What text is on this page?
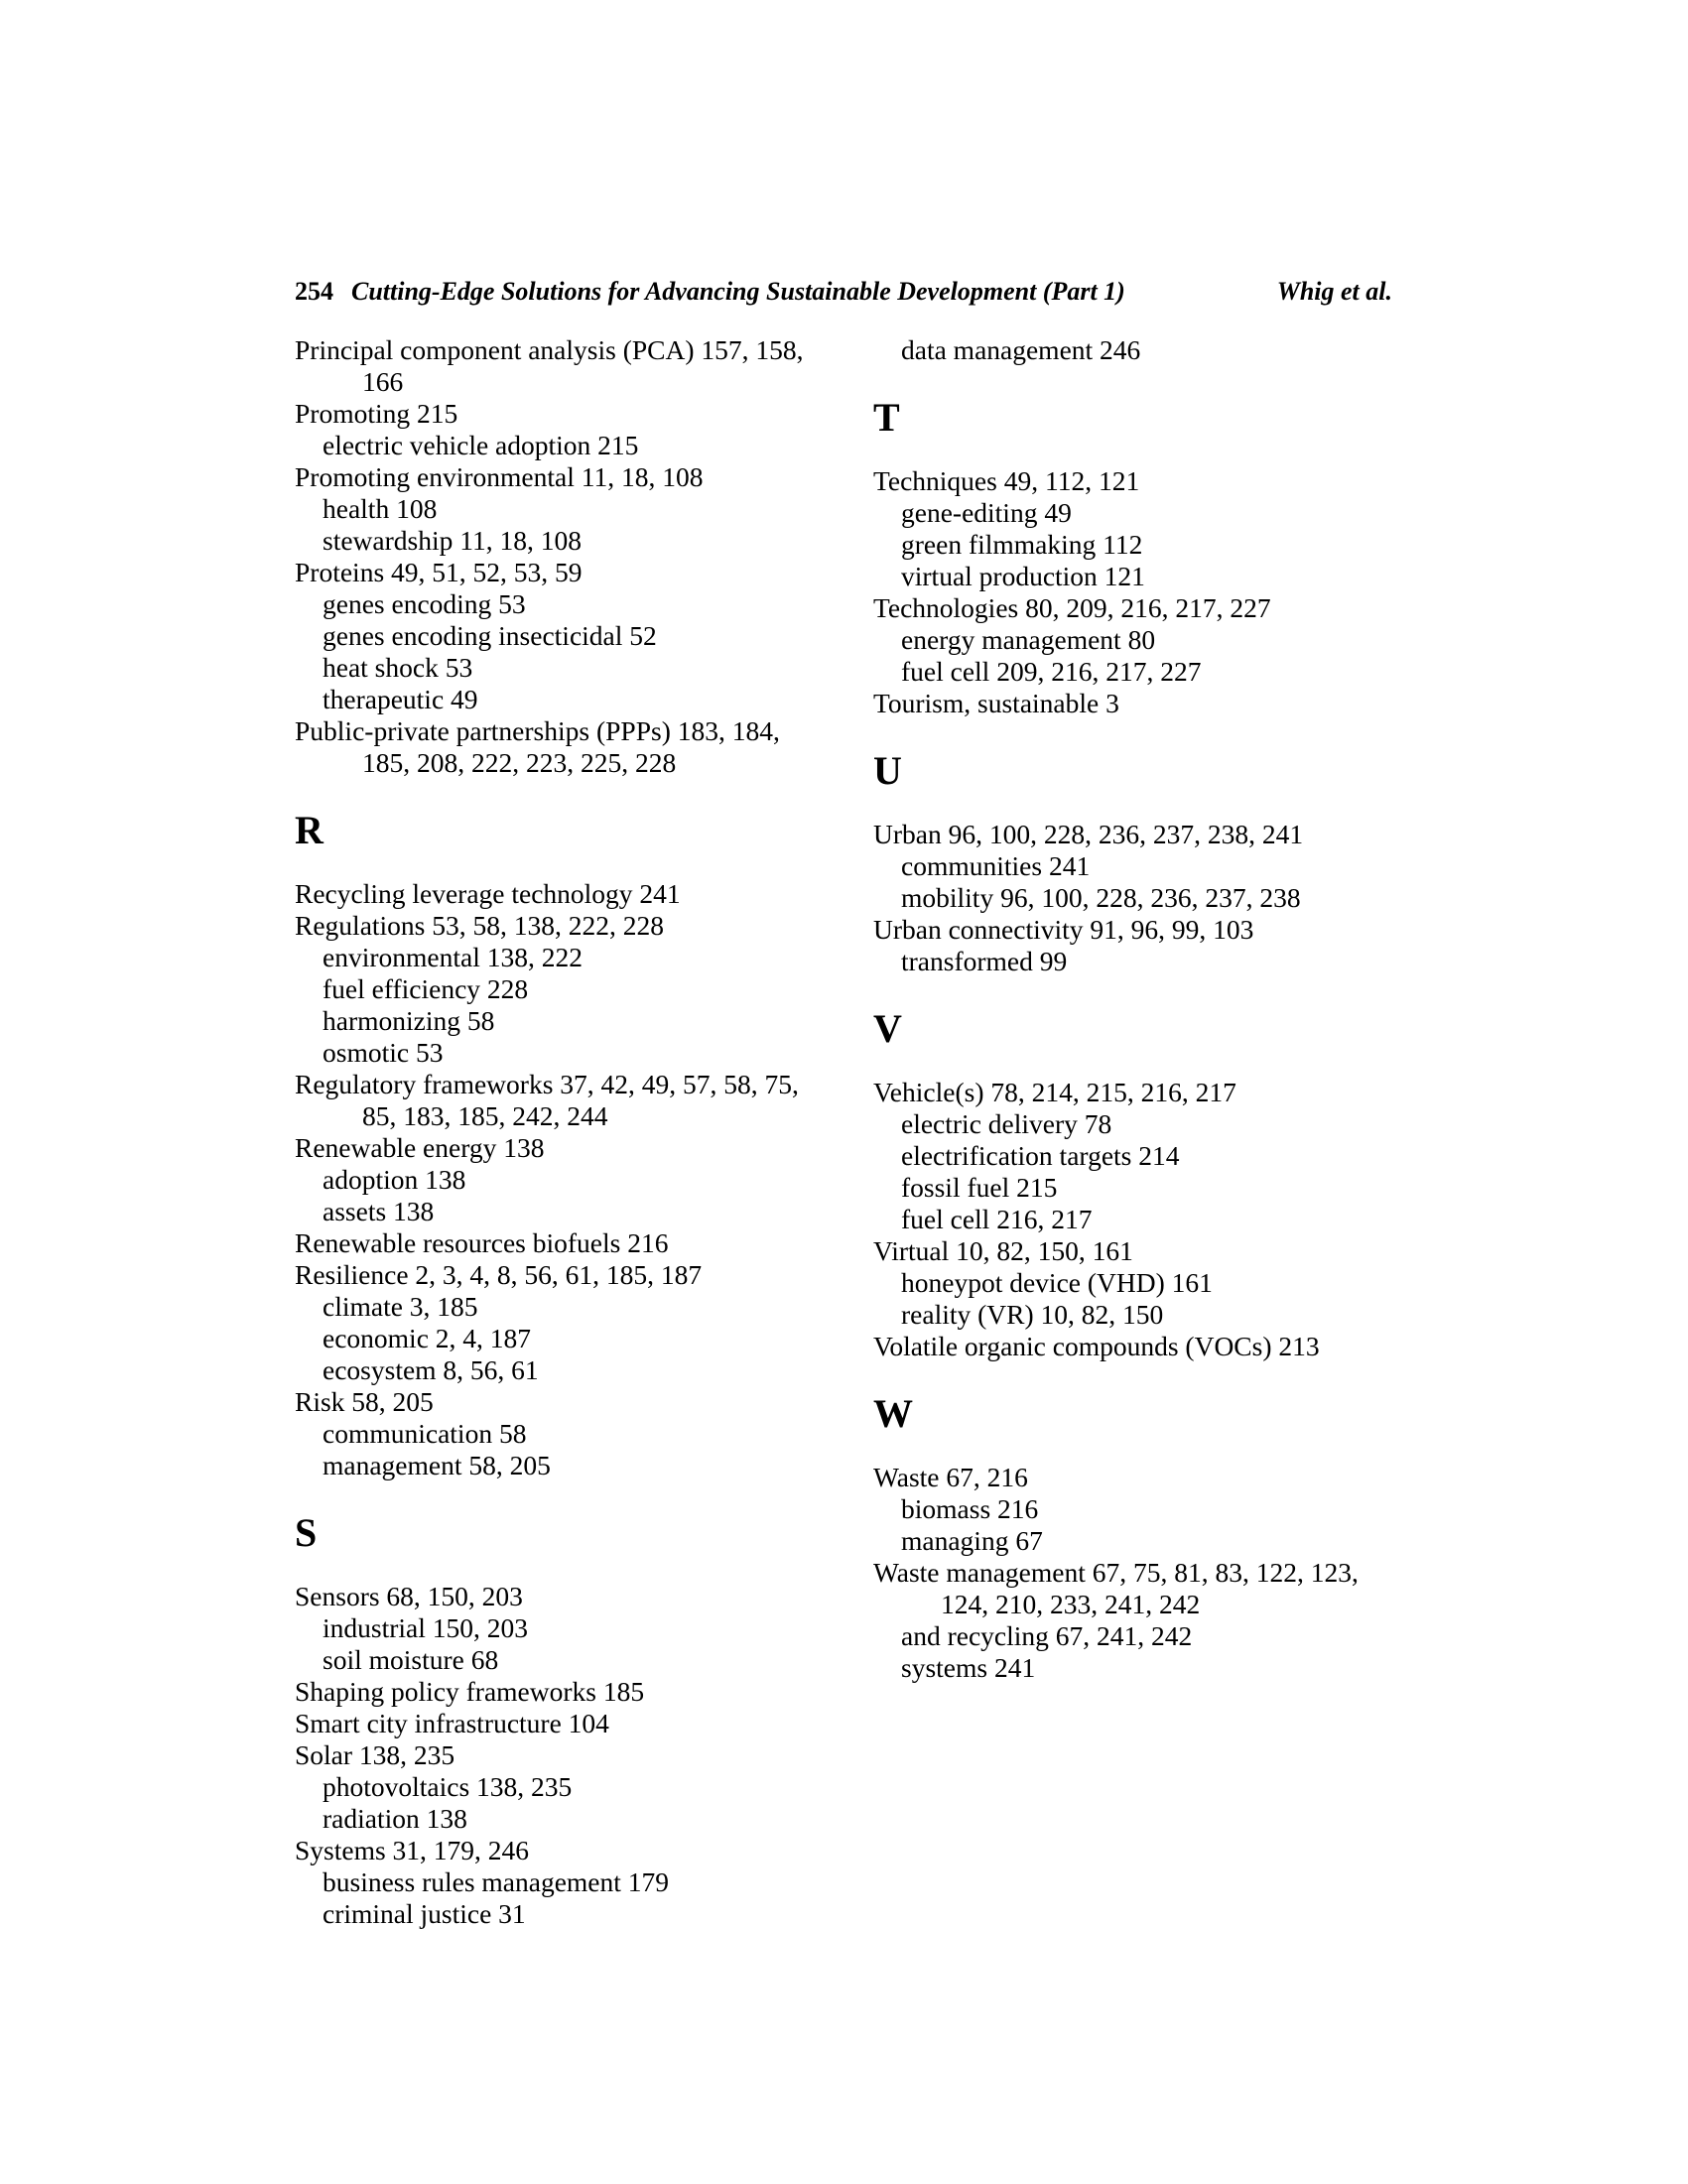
254 Cutting-Edge Solutions for Advancing Sustainable Development (Part 1)	Whig et al.
Principal component analysis (PCA) 157, 158,
166
Promoting 215
electric vehicle adoption 215
Promoting environmental 11, 18, 108
health 108
stewardship 11, 18, 108
Proteins 49, 51, 52, 53, 59
genes encoding 53
genes encoding insecticidal 52
heat shock 53
therapeutic 49
Public-private partnerships (PPPs) 183, 184,
185, 208, 222, 223, 225, 228
R
Recycling leverage technology 241
Regulations 53, 58, 138, 222, 228
environmental 138, 222
fuel efficiency 228
harmonizing 58
osmotic 53
Regulatory frameworks 37, 42, 49, 57, 58, 75,
85, 183, 185, 242, 244
Renewable energy 138
adoption 138
assets 138
Renewable resources biofuels 216
Resilience 2, 3, 4, 8, 56, 61, 185, 187
climate 3, 185
economic 2, 4, 187
ecosystem 8, 56, 61
Risk 58, 205
communication 58
management 58, 205
S
Sensors 68, 150, 203
industrial 150, 203
soil moisture 68
Shaping policy frameworks 185
Smart city infrastructure 104
Solar 138, 235
photovoltaics 138, 235
radiation 138
Systems 31, 179, 246
business rules management 179
criminal justice 31
data management 246
T
Techniques 49, 112, 121
gene-editing 49
green filmmaking 112
virtual production 121
Technologies 80, 209, 216, 217, 227
energy management 80
fuel cell 209, 216, 217, 227
Tourism, sustainable 3
U
Urban 96, 100, 228, 236, 237, 238, 241
communities 241
mobility 96, 100, 228, 236, 237, 238
Urban connectivity 91, 96, 99, 103
transformed 99
V
Vehicle(s) 78, 214, 215, 216, 217
electric delivery 78
electrification targets 214
fossil fuel 215
fuel cell 216, 217
Virtual 10, 82, 150, 161
honeypot device (VHD) 161
reality (VR) 10, 82, 150
Volatile organic compounds (VOCs) 213
W
Waste 67, 216
biomass 216
managing 67
Waste management 67, 75, 81, 83, 122, 123,
124, 210, 233, 241, 242
and recycling 67, 241, 242
systems 241
